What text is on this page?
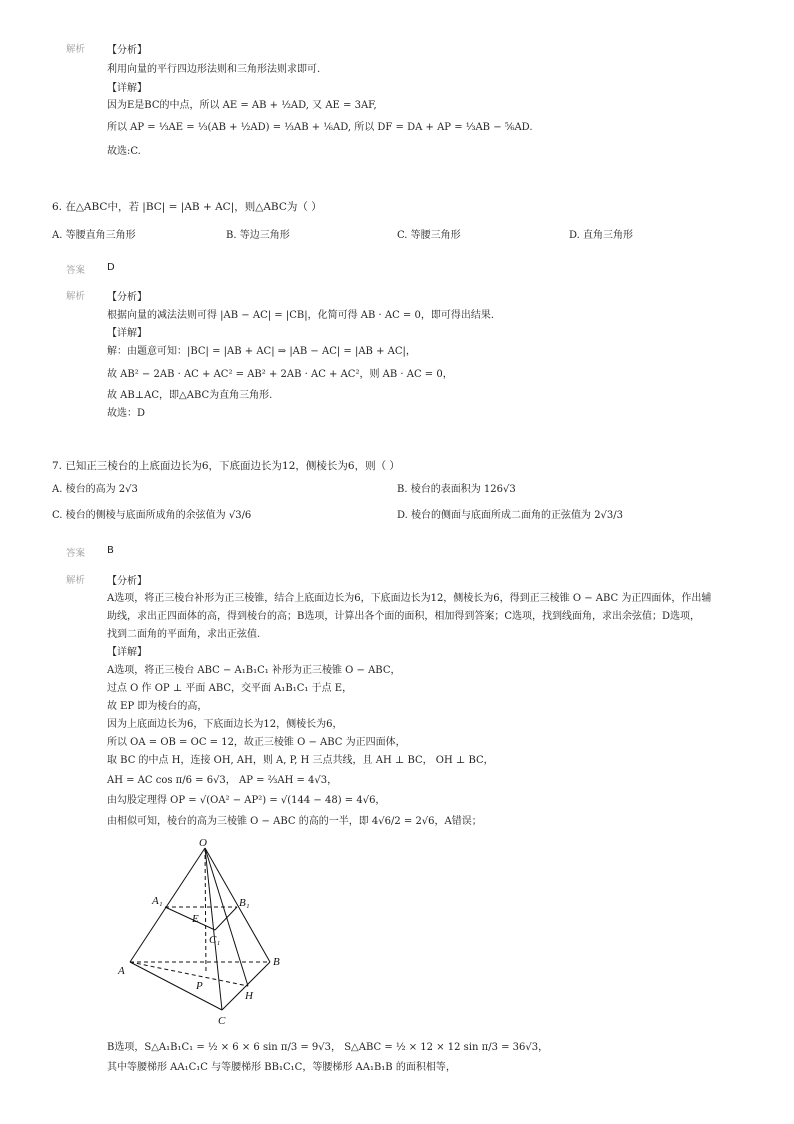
解析 【分析】
利用向量的平行四边形法则和三角形法则求即可.
【详解】
因为E是BC的中点，所以 AE = AB + ½AD, 又 AE = 3AF,
所以 AP = ⅓AE = ⅓(AB + ½AD) = ⅓AB + ⅙AD, 所以 DF = DA + AP = ⅓AB − ⅚AD.
故选:C.
6. 在△ABC中，若 |BC| = |AB + AC|，则△ABC为（ ）
A. 等腰直角三角形	B. 等边三角形	C. 等腰三角形	D. 直角三角形
答案 D
解析 【分析】
根据向量的减法法则可得 |AB − AC| = |CB|，化简可得 AB · AC = 0，即可得出结果.
【详解】
解：由题意可知：|BC| = |AB + AC| ⇒ |AB − AC| = |AB + AC|，
故 AB² − 2AB · AC + AC² = AB² + 2AB · AC + AC²，则 AB · AC = 0，
故 AB⊥AC，即△ABC为直角三角形.
故选：D
7. 已知正三棱台的上底面边长为6，下底面边长为12，侧棱长为6，则（ ）
A. 棱台的高为 2√3	B. 棱台的表面积为 126√3
C. 棱台的侧棱与底面所成角的余弦值为 √3/6	D. 棱台的侧面与底面所成二面角的正弦值为 2√3/3
答案 B
解析 【分析】
A选项，将正三棱台补形为正三棱锥，结合上底面边长为6，下底面边长为12，侧棱长为6，得到正三棱锥 O − ABC 为正四面体，作出辅
助线，求出正四面体的高，得到棱台的高；B选项，计算出各个面的面积，相加得到答案；C选项，找到线面角，求出余弦值；D选项，
找到二面角的平面角，求出正弦值.
【详解】
A选项，将正三棱台 ABC − A₁B₁C₁ 补形为正三棱锥 O − ABC，
过点 O 作 OP ⊥ 平面 ABC，交平面 A₁B₁C₁ 于点 E，
故 EP 即为棱台的高，
因为上底面边长为6，下底面边长为12，侧棱长为6，
所以 OA = OB = OC = 12，故正三棱锥 O − ABC 为正四面体，
取 BC 的中点 H，连接 OH, AH，则 A, P, H 三点共线，且 AH ⊥ BC， OH ⊥ BC，
AH = AC cos π/6 = 6√3， AP = ⅔AH = 4√3，
由勾股定理得 OP = √(OA² − AP²) = √(144 − 48) = 4√6，
由相似可知，棱台的高为三棱锥 O − ABC 的高的一半，即 4√6/2 = 2√6，A错误；
O
A₁	B₁
E
C₁
A
B
P
H
C
B选项，S△A₁B₁C₁ = ½ × 6 × 6 sin π/3 = 9√3， S△ABC = ½ × 12 × 12 sin π/3 = 36√3，
其中等腰梯形 AA₁C₁C 与等腰梯形 BB₁C₁C，等腰梯形 AA₁B₁B 的面积相等，
